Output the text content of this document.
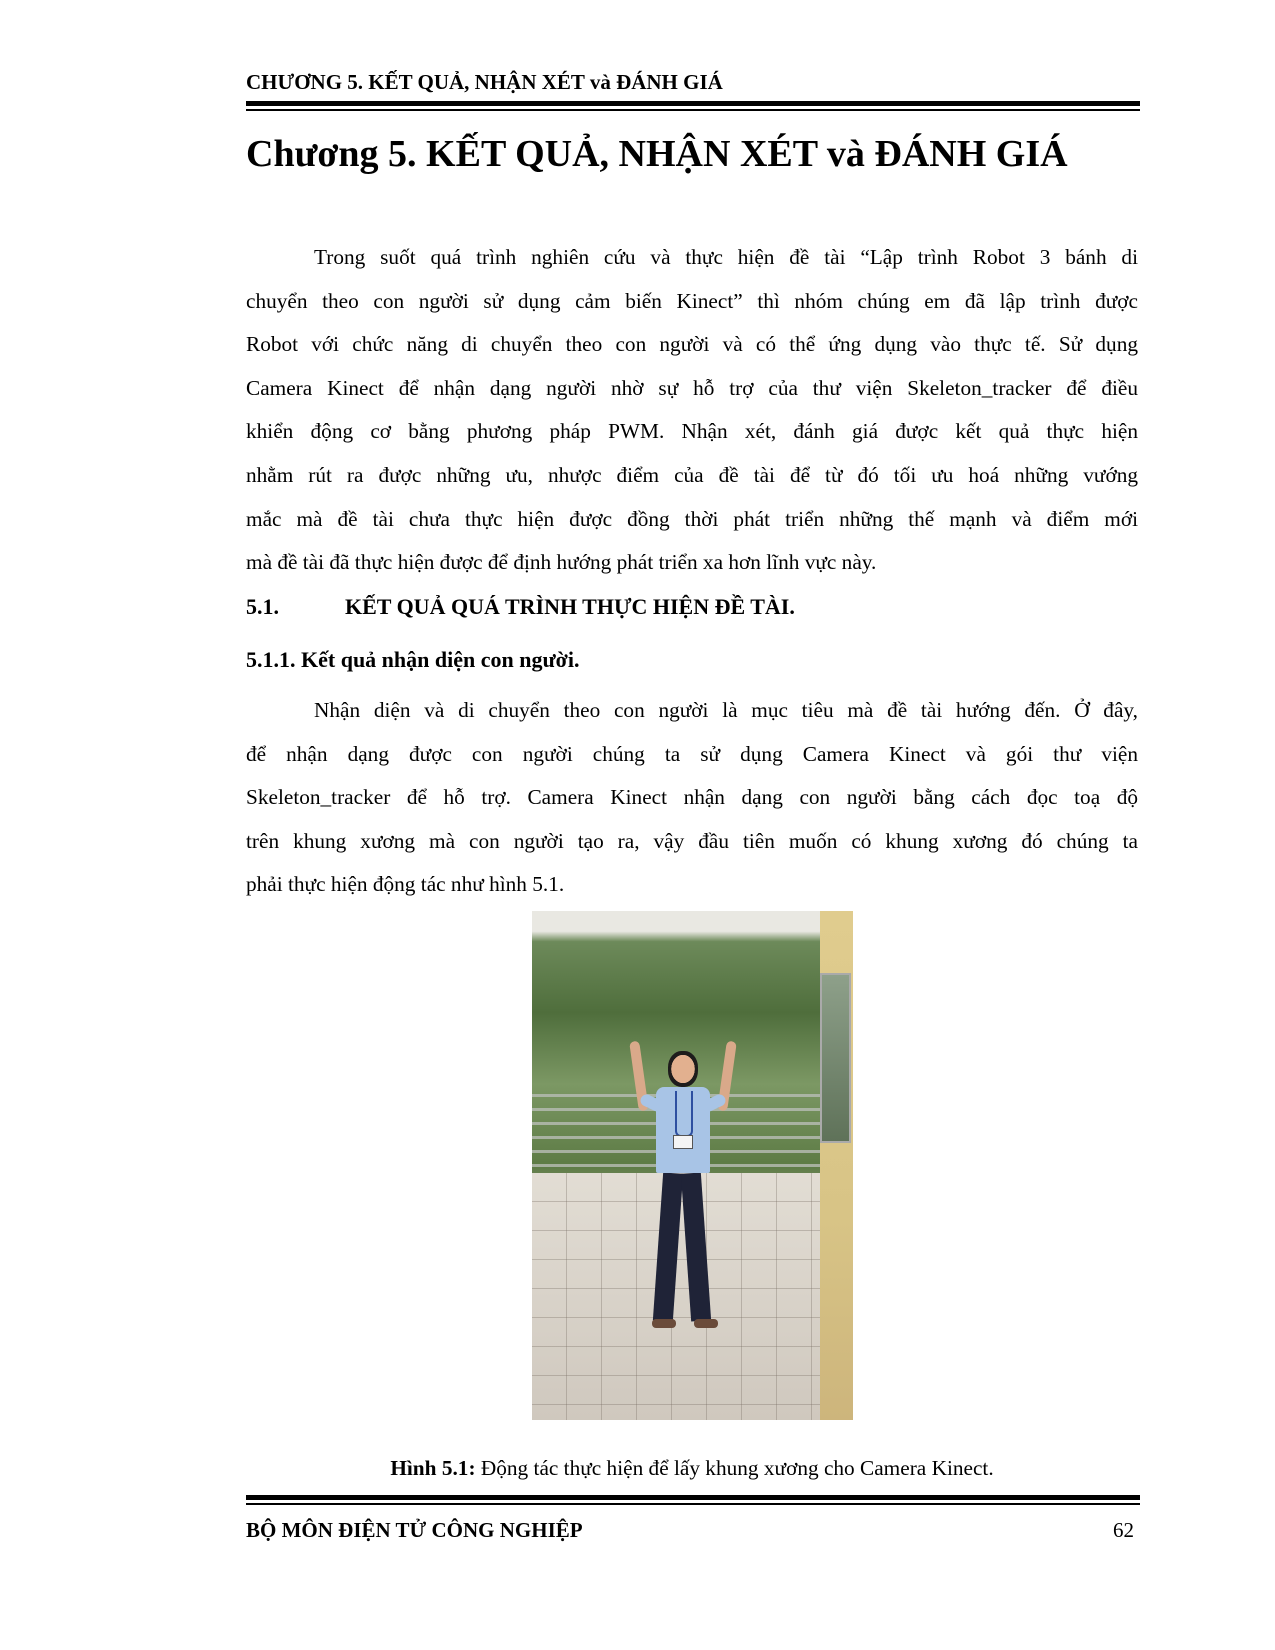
CHƯƠNG 5. KẾT QUẢ, NHẬN XÉT và ĐÁNH GIÁ
Chương 5. KẾT QUẢ, NHẬN XÉT và ĐÁNH GIÁ
Trong suốt quá trình nghiên cứu và thực hiện đề tài “Lập trình Robot 3 bánh di
chuyển theo con người sử dụng cảm biến Kinect” thì nhóm chúng em đã lập trình được
Robot với chức năng di chuyển theo con người và có thể ứng dụng vào thực tế. Sử dụng
Camera Kinect để nhận dạng người nhờ sự hỗ trợ của thư viện Skeleton_tracker để điều
khiển động cơ bằng phương pháp PWM. Nhận xét, đánh giá được kết quả thực hiện
nhằm rút ra được những ưu, nhược điểm của đề tài để từ đó tối ưu hoá những vướng
mắc mà đề tài chưa thực hiện được đồng thời phát triển những thế mạnh và điểm mới
mà đề tài đã thực hiện được để định hướng phát triển xa hơn lĩnh vực này.
5.1.	KẾT QUẢ QUÁ TRÌNH THỰC HIỆN ĐỀ TÀI.
5.1.1. Kết quả nhận diện con người.
Nhận diện và di chuyển theo con người là mục tiêu mà đề tài hướng đến. Ở đây,
để nhận dạng được con người chúng ta sử dụng Camera Kinect và gói thư viện
Skeleton_tracker để hỗ trợ. Camera Kinect nhận dạng con người bằng cách đọc toạ độ
trên khung xương mà con người tạo ra, vậy đầu tiên muốn có khung xương đó chúng ta
phải thực hiện động tác như hình 5.1.
Hình 5.1: Động tác thực hiện để lấy khung xương cho Camera Kinect.
BỘ MÔN ĐIỆN TỬ CÔNG NGHIỆP	62
